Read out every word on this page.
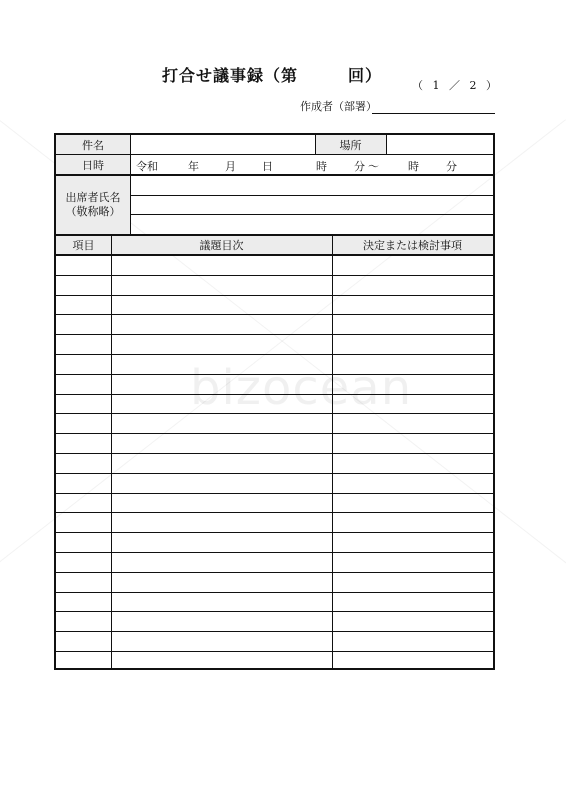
打合せ議事録（第	回）
（ 1 ／ 2 ）
作成者（部署）
件名	場所
日時	令和	年 月 日	時 分 ～	時 分
出席者氏名
（敬称略）
項目	議題目次	決定または検討事項
bizocean
